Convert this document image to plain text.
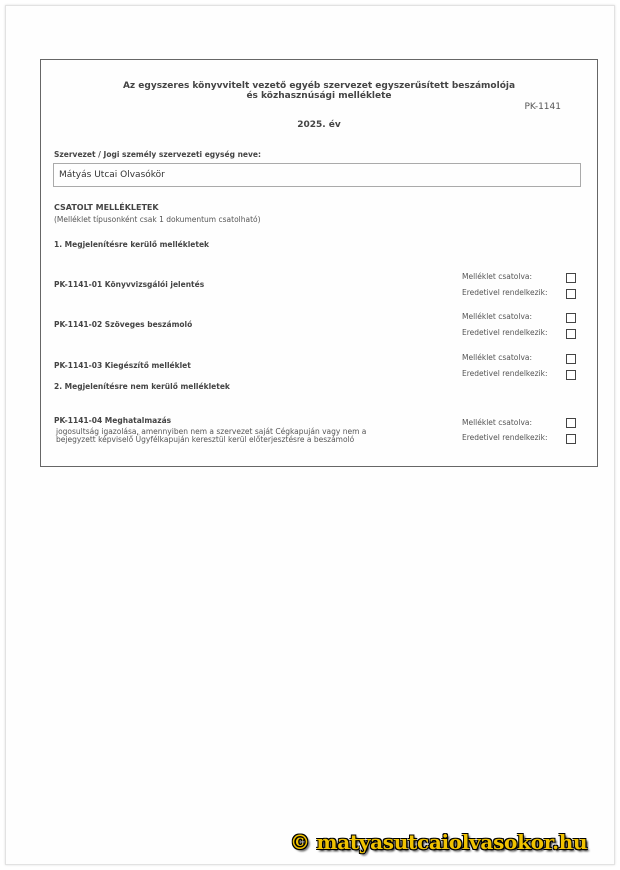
Az egyszeres könyvvitelt vezető egyéb szervezet egyszerűsített beszámolója
és közhasznúsági melléklete
PK-1141
2025. év
Szervezet / Jogi személy szervezeti egység neve:
Mátyás Utcai Olvasókör
CSATOLT MELLÉKLETEK
(Melléklet típusonként csak 1 dokumentum csatolható)
1. Megjelenítésre kerülő mellékletek
PK-1141-01 Könyvvizsgálói jelentés
Melléklet csatolva:
Eredetivel rendelkezik:
PK-1141-02 Szöveges beszámoló
Melléklet csatolva:
Eredetivel rendelkezik:
PK-1141-03 Kiegészítő melléklet
Melléklet csatolva:
Eredetivel rendelkezik:
2. Megjelenítésre nem kerülő mellékletek
PK-1141-04 Meghatalmazás
jogosultság igazolása, amennyiben nem a szervezet saját Cégkapuján vagy nem a
bejegyzett képviselő Ügyfélkapuján keresztül kerül előterjesztésre a beszámoló
Melléklet csatolva:
Eredetivel rendelkezik:
© matyasutcaiolvasokor.hu
